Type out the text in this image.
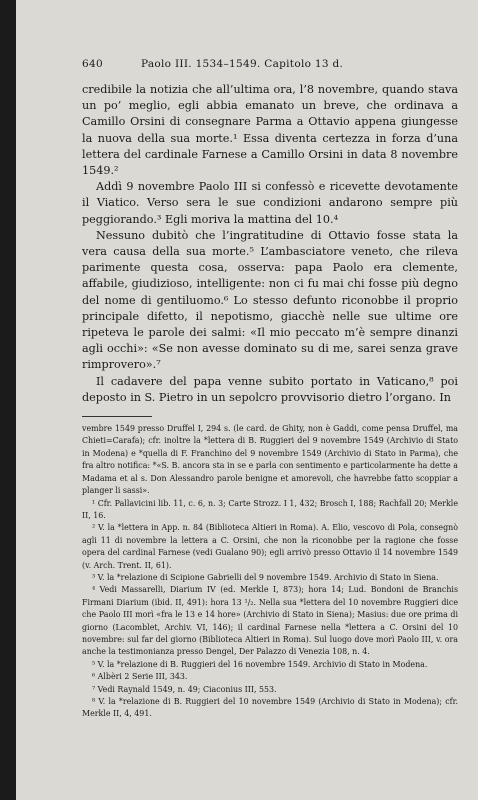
640	Paolo III. 1534–1549. Capitolo 13 d.

credibile la notizia che all’ultima ora, l’8 novembre, quando stava un po’ meglio, egli abbia emanato un breve, che ordinava a Camillo Orsini di consegnare Parma a Ottavio appena giungesse la nuova della sua morte.¹ Essa diventa certezza in forza d’una lettera del cardinale Farnese a Camillo Orsini in data 8 novembre 1549.²

Addì 9 novembre Paolo III si confessò e ricevette devotamente il Viatico. Verso sera le sue condizioni andarono sempre più peggiorando.³ Egli moriva la mattina del 10.⁴

Nessuno dubitò che l’ingratitudine di Ottavio fosse stata la vera causa della sua morte.⁵ L’ambasciatore veneto, che rileva parimente questa cosa, osserva: papa Paolo era clemente, affabile, giudizioso, intelligente: non ci fu mai chi fosse più degno del nome di gentiluomo.⁶ Lo stesso defunto riconobbe il proprio principale difetto, il nepotismo, giacchè nelle sue ultime ore ripeteva le parole dei salmi: «Il mio peccato m’è sempre dinanzi agli occhi»: «Se non avesse dominato su di me, sarei senza grave rimprovero».⁷

Il cadavere del papa venne subito portato in Vaticano,⁸ poi deposto in S. Pietro in un sepolcro provvisorio dietro l’organo. In

vembre 1549 presso Druffel I, 294 s. (le card. de Ghity, non è Gaddi, come pensa Druffel, ma Chieti=Carafa); cfr. inoltre la *lettera di B. Ruggieri del 9 novembre 1549 (Archivio di Stato in Modena) e *quella di F. Franchino del 9 novembre 1549 (Archivio di Stato in Parma), che fra altro notifica: *«S. B. ancora sta in se e parla con sentimento e particolarmente ha dette a Madama et al s. Don Alessandro parole benigne et amorevoli, che havrebbe fatto scoppiar a planger li sassi».

¹ Cfr. Pallavicini lib. 11, c. 6, n. 3; Carte Strozz. I 1, 432; Brosch I, 188; Rachfall 20; Merkle II, 16.

² V. la *lettera in App. n. 84 (Biblioteca Altieri in Roma). A. Elio, vescovo di Pola, consegnò agli 11 di novembre la lettera a C. Orsini, che non la riconobbe per la ragione che fosse opera del cardinal Farnese (vedi Gualano 90); egli arrivò presso Ottavio il 14 novembre 1549 (v. Arch. Trent. II, 61).

³ V. la *relazione di Scipione Gabrielli del 9 novembre 1549. Archivio di Stato in Siena.

⁴ Vedi Massarelli, Diarium IV (ed. Merkle I, 873); hora 14; Lud. Bondoni de Branchis Firmani Diarium (ibid. II, 491): hora 13 ¹/₂. Nella sua *lettera del 10 novembre Ruggieri dice che Paolo III morì «fra le 13 e 14 hore» (Archivio di Stato in Siena); Masius: due ore prima di giorno (Lacomblet, Archiv. VI, 146); il cardinal Farnese nella *lettera a C. Orsini del 10 novembre: sul far del giorno (Biblioteca Altieri in Roma). Sul luogo dove morì Paolo III, v. ora anche la testimonianza presso Dengel, Der Palazzo di Venezia 108, n. 4.

⁵ V. la *relazione di B. Ruggieri del 16 novembre 1549. Archivio di Stato in Modena.

⁶ Albèri 2 Serie III, 343.

⁷ Vedi Raynald 1549, n. 49; Ciaconius III, 553.

⁸ V. la *relazione di B. Ruggieri del 10 novembre 1549 (Archivio di Stato in Modena); cfr. Merkle II, 4, 491.
